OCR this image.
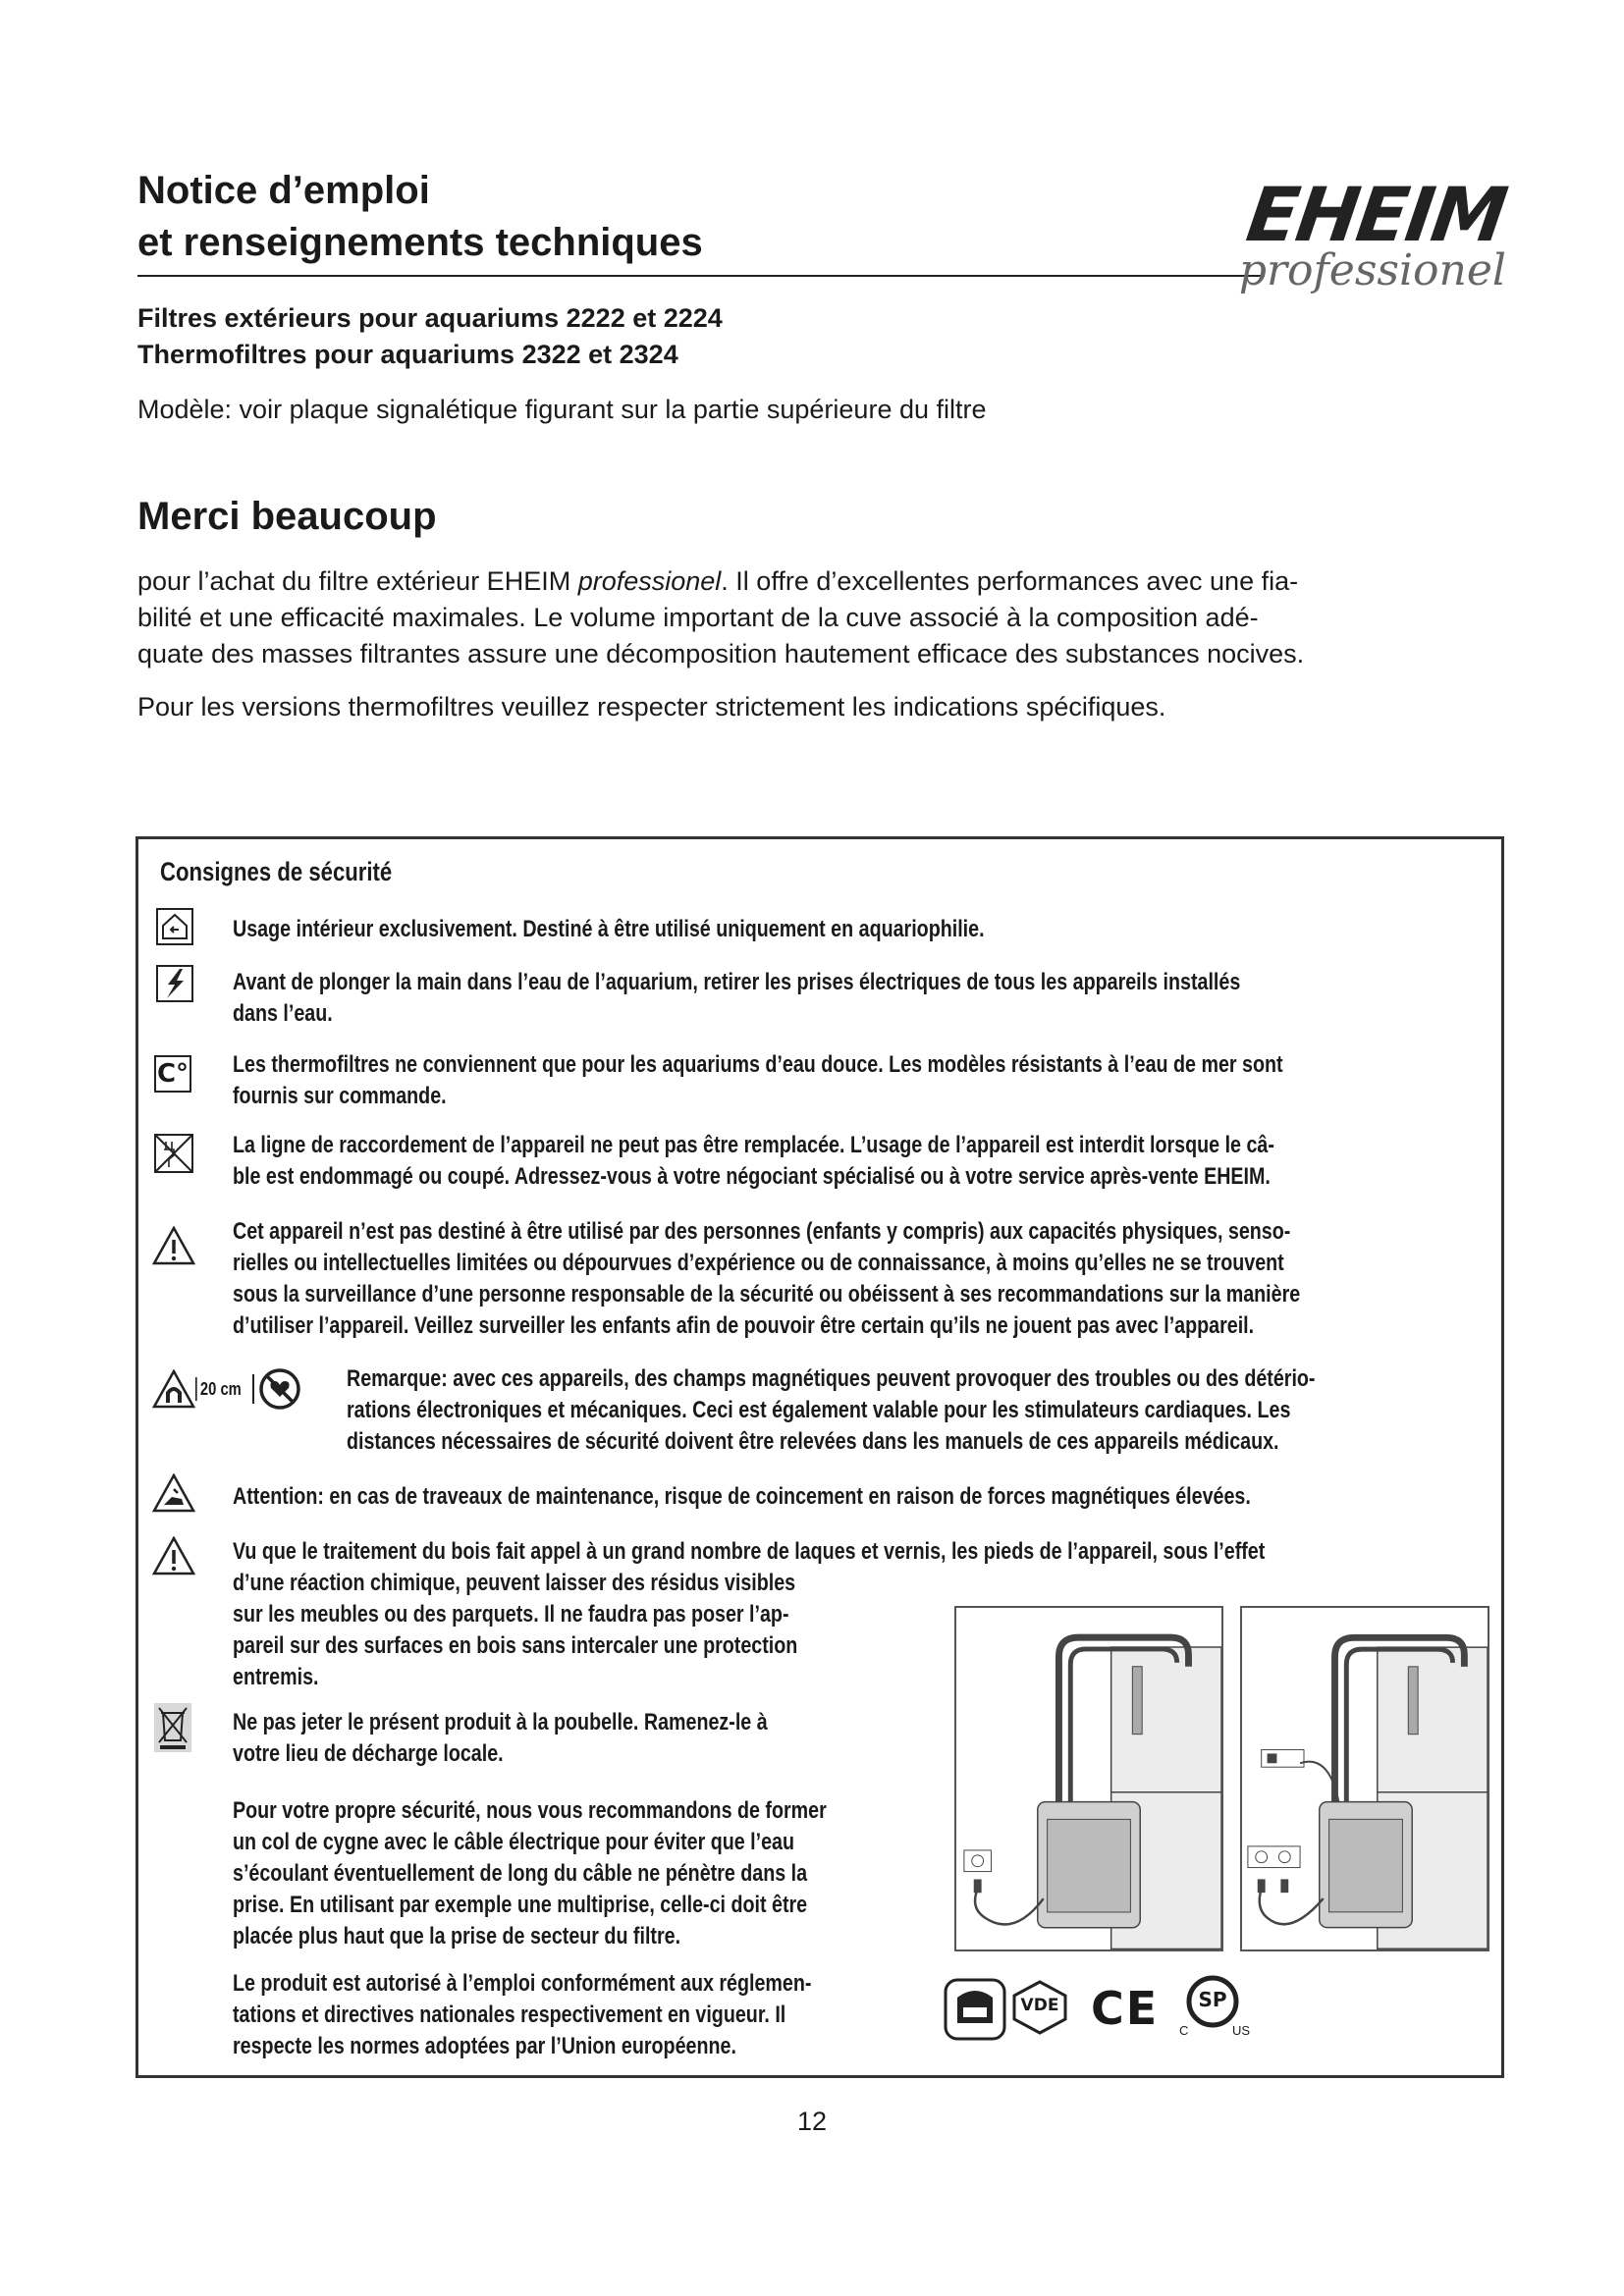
Notice d’emploi
et renseignements techniques	EHEIM
professionel
Filtres extérieurs pour aquariums 2222 et 2224
Thermofiltres pour aquariums 2322 et 2324

Modèle: voir plaque signalétique figurant sur la partie supérieure du filtre

Merci beaucoup

pour l’achat du filtre extérieur EHEIM professionel. Il offre d’excellentes performances avec une fia-
bilité et une efficacité maximales. Le volume important de la cuve associé à la composition adé-
quate des masses filtrantes assure une décomposition hautement efficace des substances nocives.

Pour les versions thermofiltres veuillez respecter strictement les indications spécifiques.

Consignes de sécurité
Usage intérieur exclusivement. Destiné à être utilisé uniquement en aquariophilie.
Avant de plonger la main dans l’eau de l’aquarium, retirer les prises électriques de tous les appareils installés
dans l’eau.
C° Les thermofiltres ne conviennent que pour les aquariums d’eau douce. Les modèles résistants à l’eau de mer sont
fournis sur commande.
La ligne de raccordement de l’appareil ne peut pas être remplacée. L’usage de l’appareil est interdit lorsque le câ-
ble est endommagé ou coupé. Adressez-vous à votre négociant spécialisé ou à votre service après-vente EHEIM.
Cet appareil n’est pas destiné à être utilisé par des personnes (enfants y compris) aux capacités physiques, senso-
rielles ou intellectuelles limitées ou dépourvues d’expérience ou de connaissance, à moins qu’elles ne se trouvent
sous la surveillance d’une personne responsable de la sécurité ou obéissent à ses recommandations sur la manière
d’utiliser l’appareil. Veillez surveiller les enfants afin de pouvoir être certain qu’ils ne jouent pas avec l’appareil.
20 cm	Remarque: avec ces appareils, des champs magnétiques peuvent provoquer des troubles ou des détério-
rations électroniques et mécaniques. Ceci est également valable pour les stimulateurs cardiaques. Les
distances nécessaires de sécurité doivent être relevées dans les manuels de ces appareils médicaux.
Attention: en cas de traveaux de maintenance, risque de coincement en raison de forces magnétiques élevées.
Vu que le traitement du bois fait appel à un grand nombre de laques et vernis, les pieds de l’appareil, sous l’effet
d’une réaction chimique, peuvent laisser des résidus visibles
sur les meubles ou des parquets. Il ne faudra pas poser l’ap-
pareil sur des surfaces en bois sans intercaler une protection
entremis.
Ne pas jeter le présent produit à la poubelle. Ramenez-le à
votre lieu de décharge locale.
Pour votre propre sécurité, nous vous recommandons de former
un col de cygne avec le câble électrique pour éviter que l’eau
s’écoulant éventuellement de long du câble ne pénètre dans la
prise. En utilisant par exemple une multiprise, celle-ci doit être
placée plus haut que la prise de secteur du filtre.
Le produit est autorisé à l’emploi conformément aux réglemen-
tations et directives nationales respectivement en vigueur. Il
respecte les normes adoptées par l’Union européenne.
VDE CE	SP
C	US
12
